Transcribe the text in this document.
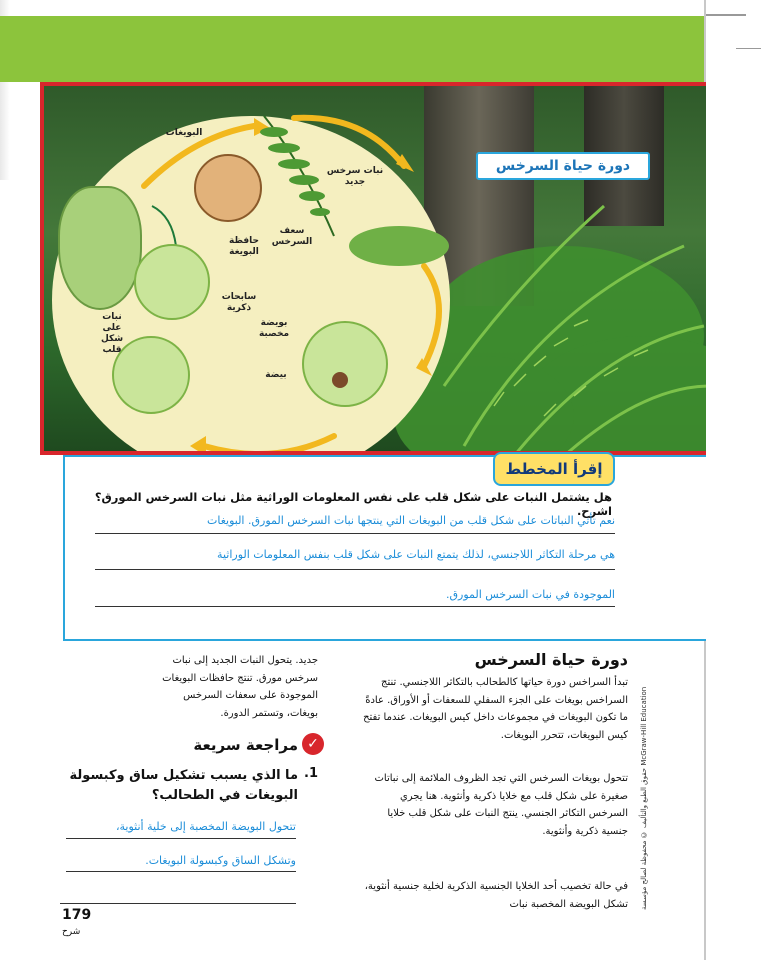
البويغات
حافظة البويغة
سعف السرخس
نبات سرخس جديد
سابحات ذكرية
نبات على شكل قلب
بويضة مخصبة
بيضة
دورة حياة السرخس
إقرأ المخطط
هل يشتمل النبات على شكل قلب على نفس المعلومات الوراثية مثل نبات السرخس المورق؟ اشرح.
نعم تأتي النباتات على شكل قلب من البويغات التي ينتجها نبات السرخس المورق. البويغات
هي مرحلة التكاثر اللاجنسي، لذلك يتمتع النبات على شكل قلب بنفس المعلومات الوراثية
الموجودة في نبات السرخس المورق.
حقوق الطبع والتأليف © محفوظة لصالح مؤسسة McGraw-Hill Education
دورة حياة السرخس
تبدأ السراخس دورة حياتها كالطحالب بالتكاثر اللاجنسي. تنتج السراخس بويغات على الجزء السفلي للسعفات أو الأوراق. عادةً ما تكون البويغات في مجموعات داخل كيس البويغات. عندما تفتح كيس البويغات، تتحرر البويغات.
تتحول بويغات السرخس التي تجد الظروف الملائمة إلى نباتات صغيرة على شكل قلب مع خلايا ذكرية وأنثوية. هنا يجري السرخس التكاثر الجنسي. ينتج النبات على شكل قلب خلايا جنسية ذكرية وأنثوية.
في حالة تخصيب أحد الخلايا الجنسية الذكرية لخلية جنسية أنثوية، تشكل البويضة المخصبة نبات
جديد. يتحول النبات الجديد إلى نبات سرخس مورق. تنتج حافظات البويغات الموجودة على سعفات السرخس بويغات، وتستمر الدورة.
✓
مراجعة سريعة
1.
ما الذي يسبب تشكيل ساق وكبسولة البويغات في الطحالب؟
تتحول البويضة المخصبة إلى خلية أنثوية،
وتشكل الساق وكبسولة البويغات.
179
شرح
